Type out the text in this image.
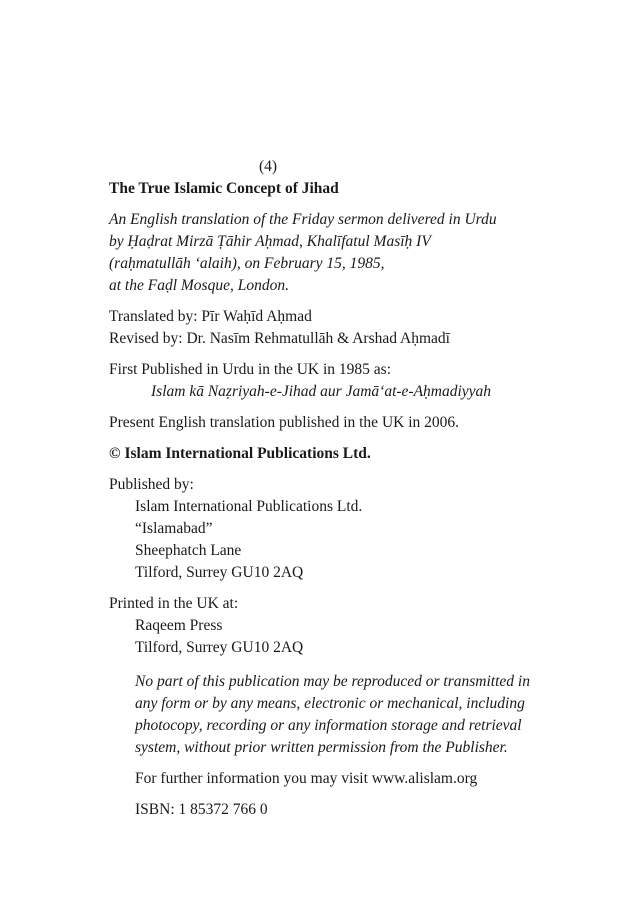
(4)
The True Islamic Concept of Jihad
An English translation of the Friday sermon delivered in Urdu
by Ḥaḍrat Mirzā Ṭāhir Aḥmad, Khalīfatul Masīḥ IV
(raḥmatullāh ‘alaih), on February 15, 1985,
at the Faḍl Mosque, London.
Translated by: Pīr Waḥīd Aḥmad
Revised by: Dr. Nasīm Rehmatullāh & Arshad Aḥmadī
First Published in Urdu in the UK in 1985 as:
Islam kā Naẓriyah-e-Jihad aur Jamā‘at-e-Aḥmadiyyah
Present English translation published in the UK in 2006.
© Islam International Publications Ltd.
Published by:
Islam International Publications Ltd.
“Islamabad”
Sheephatch Lane
Tilford, Surrey GU10 2AQ
Printed in the UK at:
Raqeem Press
Tilford, Surrey GU10 2AQ
No part of this publication may be reproduced or transmitted in
any form or by any means, electronic or mechanical, including
photocopy, recording or any information storage and retrieval
system, without prior written permission from the Publisher.
For further information you may visit www.alislam.org
ISBN: 1 85372 766 0
